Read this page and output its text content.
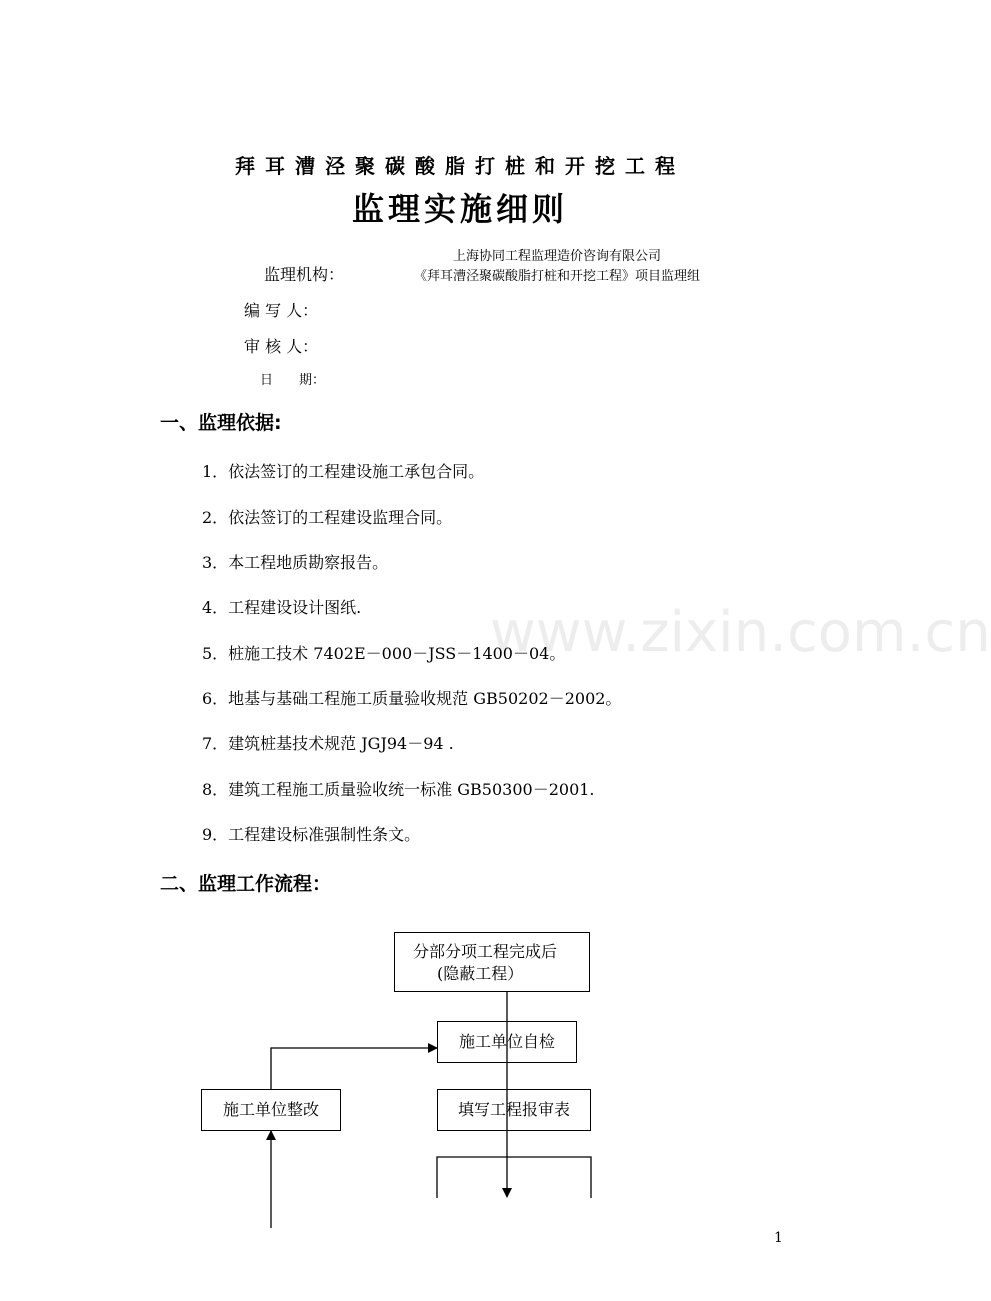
拜耳漕泾聚碳酸脂打桩和开挖工程
监理实施细则
监理机构：
上海协同工程监理造价咨询有限公司
《拜耳漕泾聚碳酸脂打桩和开挖工程》项目监理组
编 写 人：
审 核 人：
日　　期：
一、监理依据:
1．依法签订的工程建设施工承包合同。
2．依法签订的工程建设监理合同。
3．本工程地质勘察报告。
4．工程建设设计图纸.
5．桩施工技术 7402E－000－JSS－1400－04。
6．地基与基础工程施工质量验收规范 GB50202－2002。
7．建筑桩基技术规范 JGJ94－94 .
8．建筑工程施工质量验收统一标准 GB50300－2001.
9．工程建设标准强制性条文。
二、监理工作流程：
www.zixin.com.cn
分部分项工程完成后
(隐蔽工程）
施工单位自检
施工单位整改	填写工程报审表
1
